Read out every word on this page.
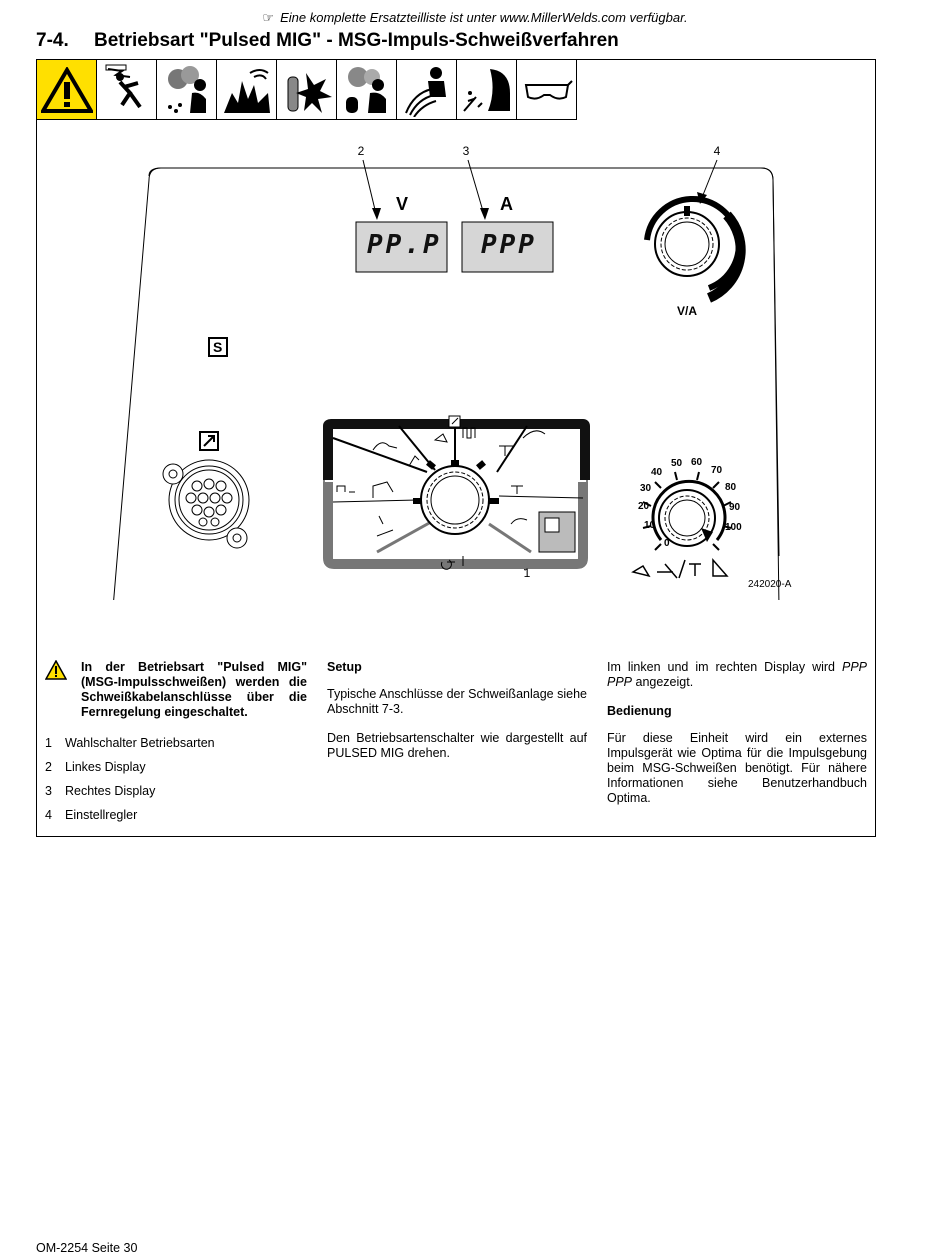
☞ Eine komplette Ersatzteilliste ist unter www.MillerWelds.com verfügbar.
7-4. Betriebsart "Pulsed MIG" - MSG-Impuls-Schweißverfahren
2	3	4
1
V	A
PP.P PPP
V/A
S
0
10
20
30
40
50 60
70
80
90
100
242020-A
In der Betriebsart "Pulsed MIG" (MSG-Impulsschweißen) werden die Schweißkabelanschlüsse über die Fernregelung eingeschaltet.
1	Wahlschalter Betriebsarten
2	Linkes Display
3	Rechtes Display
4	Einstellregler
Setup

Typische Anschlüsse der Schweißanlage siehe Abschnitt 7-3.

Den Betriebsartenschalter wie dargestellt auf PULSED MIG drehen.

Im linken und im rechten Display wird PPP PPP angezeigt.

Bedienung

Für diese Einheit wird ein externes Impulsgerät wie Optima für die Impulsgebung beim MSG-Schweißen benötigt. Für nähere Informationen siehe Benutzerhandbuch Optima.

OM-2254 Seite 30
